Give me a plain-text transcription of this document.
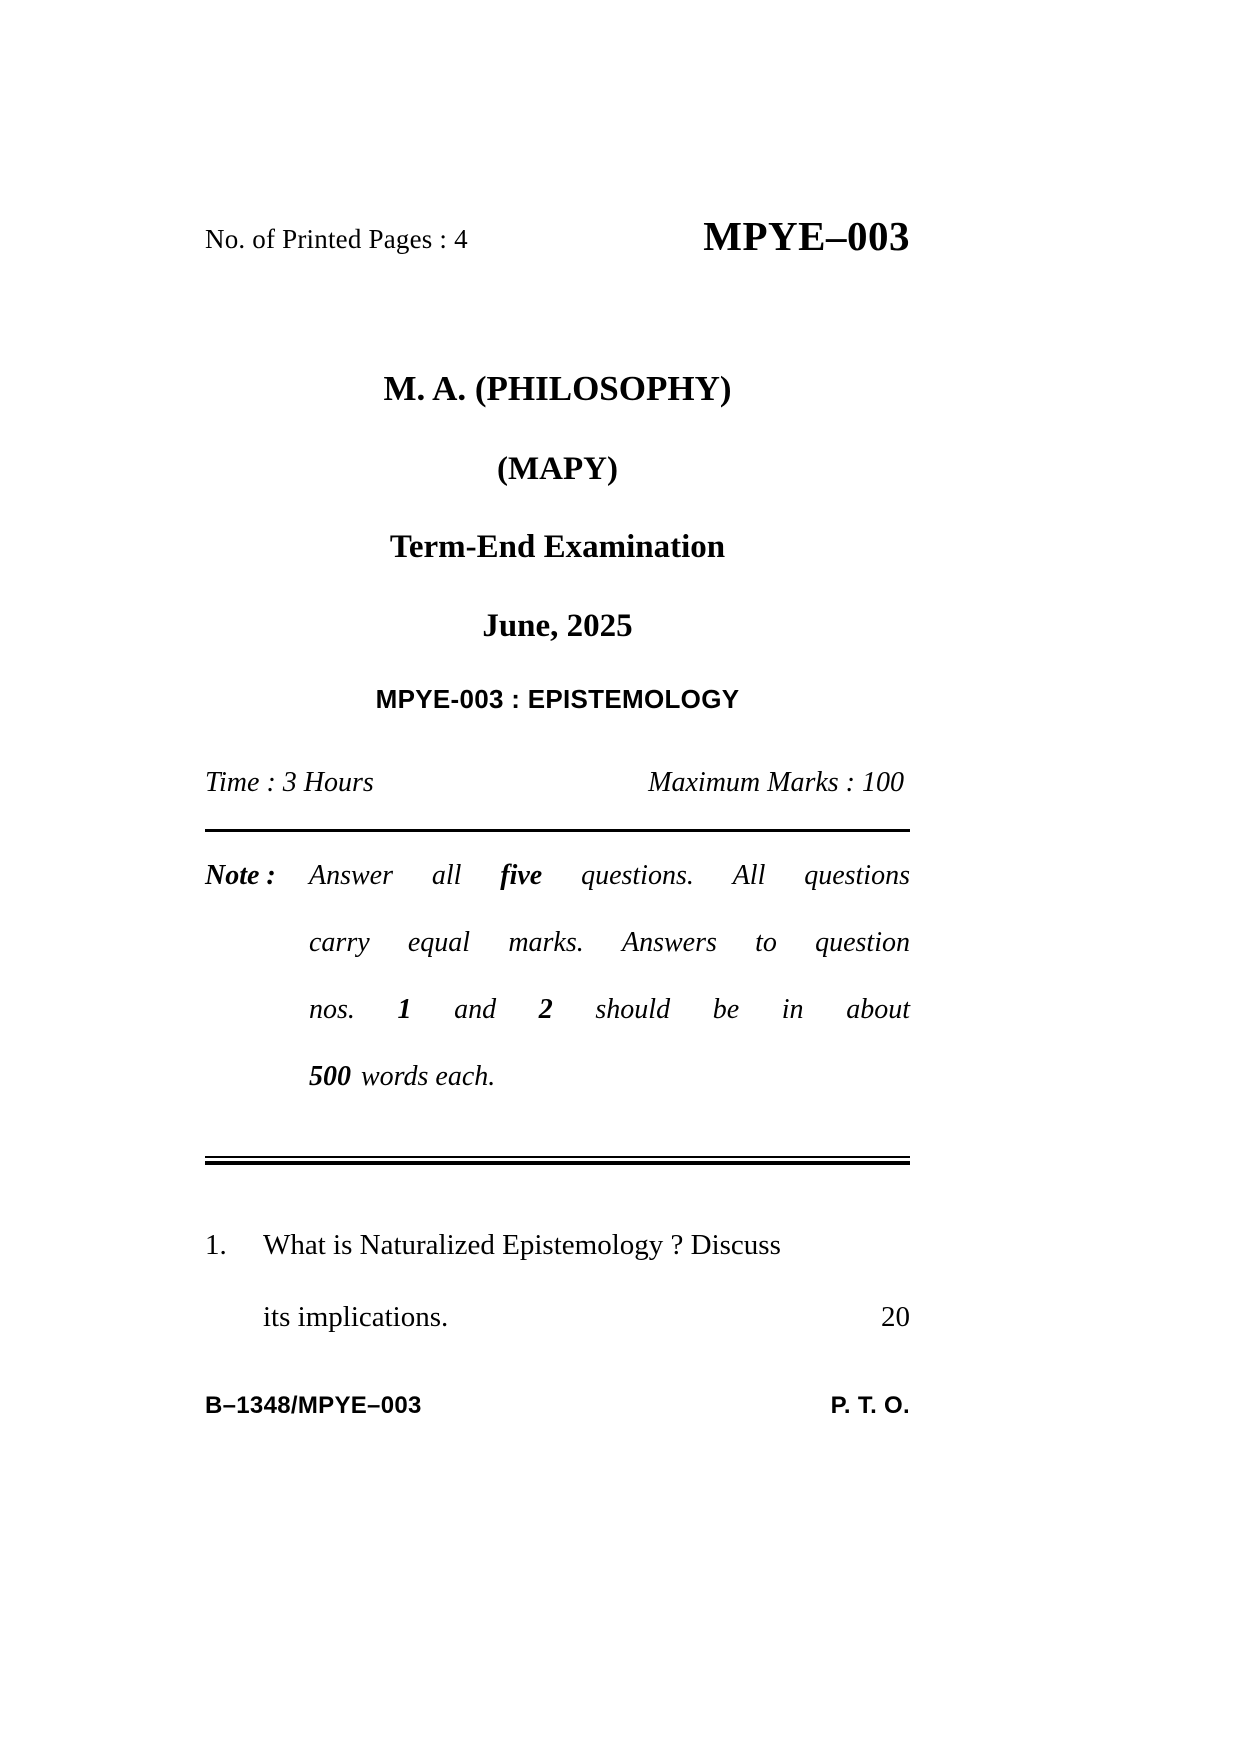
No. of Printed Pages : 4	MPYE–003
M. A. (PHILOSOPHY)
(MAPY)
Term-End Examination
June, 2025
MPYE-003 : EPISTEMOLOGY
Time : 3 Hours	Maximum Marks : 100
Note :	Answer all five questions. All questions
carry equal marks. Answers to question
nos. 1 and 2 should be in about
500 words each.
1.	What is Naturalized Epistemology ? Discuss
its implications.	20
B–1348/MPYE–003	P. T. O.
